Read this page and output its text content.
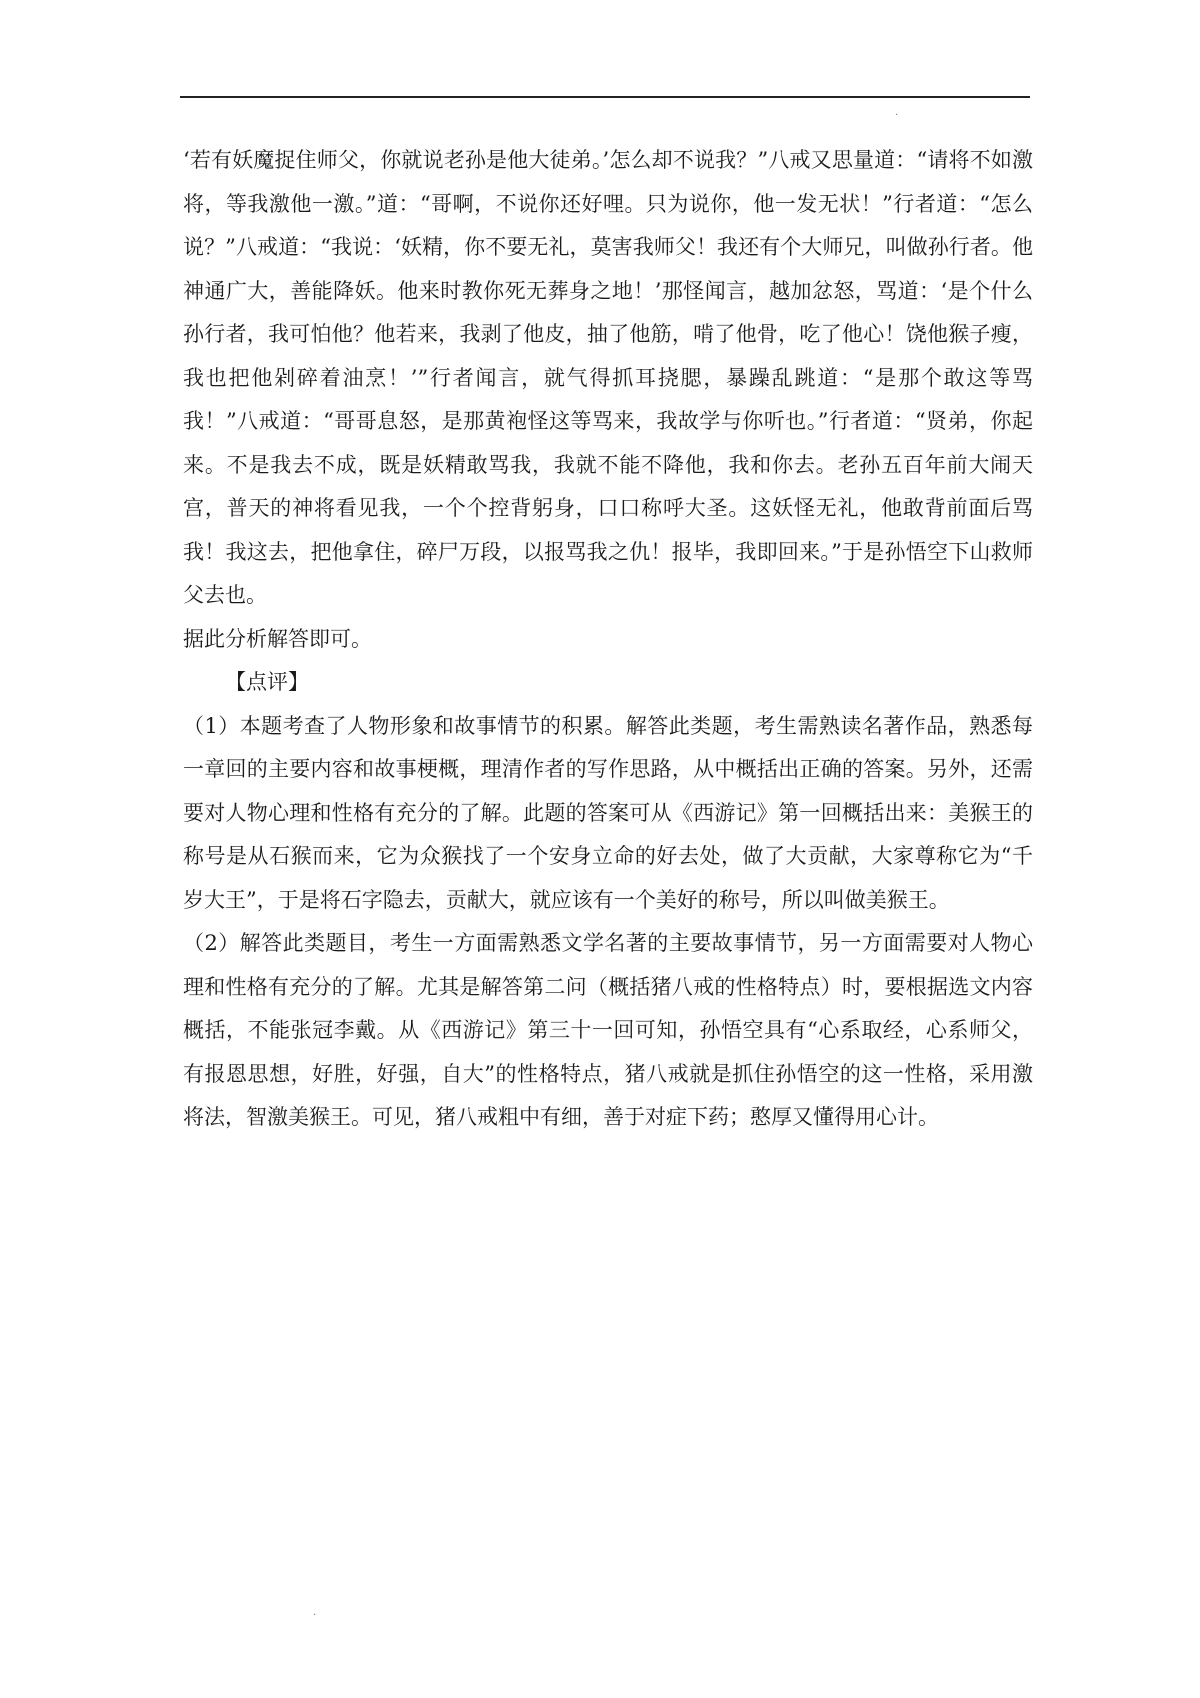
.

‘若有妖魔捉住师父，你就说老孙是他大徒弟。’怎么却不说我？”八戒又思量道：“请将不如激将，等我激他一激。”道：“哥啊，不说你还好哩。只为说你，他一发无状！”行者道：“怎么说？”八戒道：“我说：‘妖精，你不要无礼，莫害我师父！我还有个大师兄，叫做孙行者。他神通广大，善能降妖。他来时教你死无葬身之地！’那怪闻言，越加忿怒，骂道：‘是个什么孙行者，我可怕他？他若来，我剥了他皮，抽了他筋，啃了他骨，吃了他心！饶他猴子瘦，我也把他剁碎着油烹！’”行者闻言，就气得抓耳挠腮，暴躁乱跳道：“是那个敢这等骂我！”八戒道：“哥哥息怒，是那黄袍怪这等骂来，我故学与你听也。”行者道：“贤弟，你起来。不是我去不成，既是妖精敢骂我，我就不能不降他，我和你去。老孙五百年前大闹天宫，普天的神将看见我，一个个控背躬身，口口称呼大圣。这妖怪无礼，他敢背前面后骂我！我这去，把他拿住，碎尸万段，以报骂我之仇！报毕，我即回来。”于是孙悟空下山救师父去也。

据此分析解答即可。

【点评】

（1）本题考查了人物形象和故事情节的积累。解答此类题，考生需熟读名著作品，熟悉每一章回的主要内容和故事梗概，理清作者的写作思路，从中概括出正确的答案。另外，还需要对人物心理和性格有充分的了解。此题的答案可从《西游记》第一回概括出来：美猴王的称号是从石猴而来，它为众猴找了一个安身立命的好去处，做了大贡献，大家尊称它为“千岁大王”，于是将石字隐去，贡献大，就应该有一个美好的称号，所以叫做美猴王。

（2）解答此类题目，考生一方面需熟悉文学名著的主要故事情节，另一方面需要对人物心理和性格有充分的了解。尤其是解答第二问（概括猪八戒的性格特点）时，要根据选文内容概括，不能张冠李戴。从《西游记》第三十一回可知，孙悟空具有“心系取经，心系师父，有报恩思想，好胜，好强，自大”的性格特点，猪八戒就是抓住孙悟空的这一性格，采用激将法，智激美猴王。可见，猪八戒粗中有细，善于对症下药；憨厚又懂得用心计。

.
